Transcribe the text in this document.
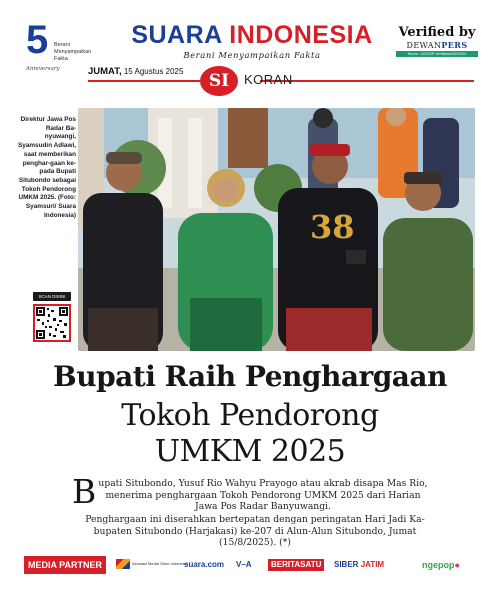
5 Berani Menyampaikan Fakta
Anniversary
SUARA INDONESIA
Berani Menyampaikan Fakta
Verified by
DEWANPERS
Nomor: 1221/DP-Verifikasi/K/III/2024
JUMAT, 15 Agustus 2025	SI	KORAN
Direktur Jawa Pos Radar Ba-nyuwangi, Syamsudin Adlawi, saat memberikan penghar-gaan ke-pada Bupati Situbondo sebagai Tokoh Pendorong UMKM 2025. (Foto: Syamsuri/ Suara Indonesia)
SCAN DISINI
38
Bupati Raih Penghargaan
Tokoh Pendorong
UMKM 2025
B upati Situbondo, Yusuf Rio Wahyu Prayogo atau akrab disapa Mas Rio, menerima penghargaan Tokoh Pendorong UMKM 2025 dari Harian Jawa Pos Radar Banyuwangi.
Penghargaan ini diserahkan bertepatan dengan peringatan Hari Jadi Ka-bupaten Situbondo (Harjakasi) ke-207 di Alun-Alun Situbondo, Jumat (15/8/2025). (*)
MEDIA PARTNER	Asosiasi Media Siber Indonesia
suara.com V–A	BERITASATU	SIBER JATIM	ngepop●
